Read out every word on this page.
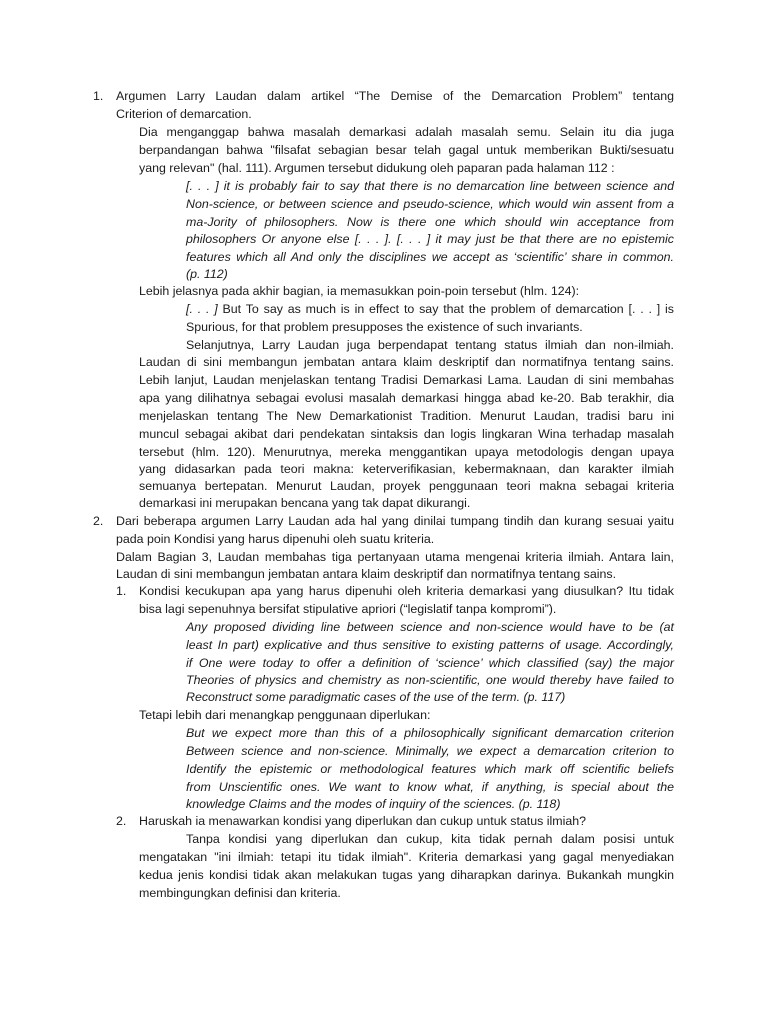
1. Argumen Larry Laudan dalam artikel “The Demise of the Demarcation Problem” tentang
Criterion of demarcation.
Dia menganggap bahwa masalah demarkasi adalah masalah semu. Selain itu dia juga
berpandangan bahwa "filsafat sebagian besar telah gagal untuk memberikan Bukti/sesuatu
yang relevan" (hal. 111). Argumen tersebut didukung oleh paparan pada halaman 112 :
[. . . ] it is probably fair to say that there is no demarcation line between science and
Non-science, or between science and pseudo-science, which would win assent from a
ma-Jority of philosophers. Now is there one which should win acceptance from
philosophers Or anyone else [. . . ]. [. . . ] it may just be that there are no epistemic
features which all And only the disciplines we accept as ‘scientific’ share in common.
(p. 112)
Lebih jelasnya pada akhir bagian, ia memasukkan poin-poin tersebut (hlm. 124):
[. . . ] But To say as much is in effect to say that the problem of demarcation [. . . ] is
Spurious, for that problem presupposes the existence of such invariants.
Selanjutnya, Larry Laudan juga berpendapat tentang status ilmiah dan non-ilmiah.
Laudan di sini membangun jembatan antara klaim deskriptif dan normatifnya tentang sains.
Lebih lanjut, Laudan menjelaskan tentang Tradisi Demarkasi Lama. Laudan di sini membahas
apa yang dilihatnya sebagai evolusi masalah demarkasi hingga abad ke-20. Bab terakhir, dia
menjelaskan tentang The New Demarkationist Tradition. Menurut Laudan, tradisi baru ini
muncul sebagai akibat dari pendekatan sintaksis dan logis lingkaran Wina terhadap masalah
tersebut (hlm. 120). Menurutnya, mereka menggantikan upaya metodologis dengan upaya
yang didasarkan pada teori makna: keterverifikasian, kebermaknaan, dan karakter ilmiah
semuanya bertepatan. Menurut Laudan, proyek penggunaan teori makna sebagai kriteria
demarkasi ini merupakan bencana yang tak dapat dikurangi.
2. Dari beberapa argumen Larry Laudan ada hal yang dinilai tumpang tindih dan kurang sesuai yaitu
pada poin Kondisi yang harus dipenuhi oleh suatu kriteria.
Dalam Bagian 3, Laudan membahas tiga pertanyaan utama mengenai kriteria ilmiah. Antara lain,
Laudan di sini membangun jembatan antara klaim deskriptif dan normatifnya tentang sains.
1. Kondisi kecukupan apa yang harus dipenuhi oleh kriteria demarkasi yang diusulkan? Itu tidak
bisa lagi sepenuhnya bersifat stipulative apriori (“legislatif tanpa kompromi”).
Any proposed dividing line between science and non-science would have to be (at
least In part) explicative and thus sensitive to existing patterns of usage. Accordingly,
if One were today to offer a definition of ‘science’ which classified (say) the major
Theories of physics and chemistry as non-scientific, one would thereby have failed to
Reconstruct some paradigmatic cases of the use of the term. (p. 117)
Tetapi lebih dari menangkap penggunaan diperlukan:
But we expect more than this of a philosophically significant demarcation criterion
Between science and non-science. Minimally, we expect a demarcation criterion to
Identify the epistemic or methodological features which mark off scientific beliefs
from Unscientific ones. We want to know what, if anything, is special about the
knowledge Claims and the modes of inquiry of the sciences. (p. 118)
2. Haruskah ia menawarkan kondisi yang diperlukan dan cukup untuk status ilmiah?
Tanpa kondisi yang diperlukan dan cukup, kita tidak pernah dalam posisi untuk
mengatakan "ini ilmiah: tetapi itu tidak ilmiah". Kriteria demarkasi yang gagal menyediakan
kedua jenis kondisi tidak akan melakukan tugas yang diharapkan darinya. Bukankah mungkin
membingungkan definisi dan kriteria.
